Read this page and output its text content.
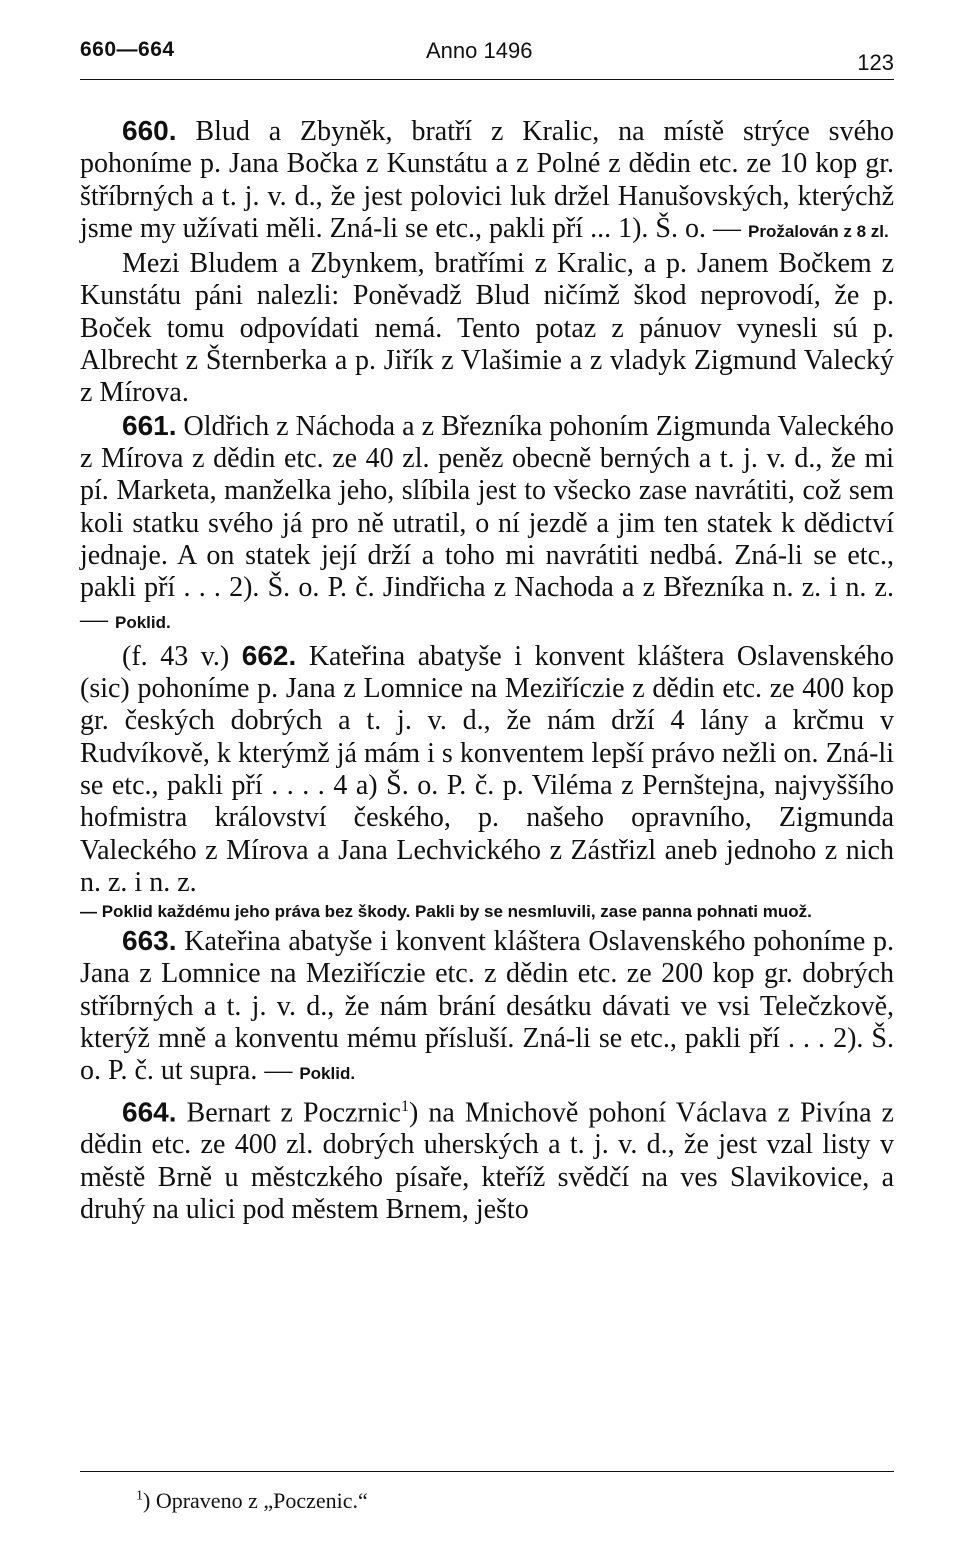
660—664	Anno 1496	123

660. Blud a Zbyněk, bratří z Kralic, na místě strýce svého pohoníme p. Jana Bočka z Kunstátu a z Polné z dědin etc. ze 10 kop gr. štříbrných a t. j. v. d., že jest polovici luk držel Hanušovských, kterýchž jsme my užívati měli. Zná-li se etc., pakli pří ... 1). Š. o. — Prožalován z 8 zl.

Mezi Bludem a Zbynkem, bratřími z Kralic, a p. Janem Bočkem z Kunstátu páni nalezli: Poněvadž Blud ničímž škod neprovodí, že p. Boček tomu odpovídati nemá. Tento potaz z pánuov vynesli sú p. Albrecht z Šternberka a p. Jiřík z Vlašimie a z vladyk Zigmund Valecký z Mírova.

661. Oldřich z Náchoda a z Březníka pohoním Zigmunda Valeckého z Mírova z dědin etc. ze 40 zl. peněz obecně berných a t. j. v. d., že mi pí. Marketa, manželka jeho, slíbila jest to všecko zase navrátiti, což sem koli statku svého já pro ně utratil, o ní jezdě a jim ten statek k dědictví jednaje. A on statek její drží a toho mi navrátiti nedbá. Zná-li se etc., pakli pří . . . 2). Š. o. P. č. Jindřicha z Nachoda a z Březníka n. z. i n. z. — Poklid.

(f. 43 v.) 662. Kateřina abatyše i konvent kláštera Oslavenského (sic) pohoníme p. Jana z Lomnice na Meziříczie z dědin etc. ze 400 kop gr. českých dobrých a t. j. v. d., že nám drží 4 lány a krčmu v Rudvíkově, k kterýmž já mám i s konventem lepší právo nežli on. Zná-li se etc., pakli pří . . . . 4 a) Š. o. P. č. p. Viléma z Pernštejna, najvyššího hofmistra království českého, p. našeho opravního, Zigmunda Valeckého z Mírova a Jana Lechvického z Zástřizl aneb jednoho z nich n. z. i n. z.

— Poklid každému jeho práva bez škody. Pakli by se nesmluvili, zase panna pohnati muož.

663. Kateřina abatyše i konvent kláštera Oslavenského pohoníme p. Jana z Lomnice na Meziříczie etc. z dědin etc. ze 200 kop gr. dobrých stříbrných a t. j. v. d., že nám brání desátku dávati ve vsi Telečzkově, kterýž mně a konventu mému přísluší. Zná-li se etc., pakli pří . . . 2). Š. o. P. č. ut supra. — Poklid.

664. Bernart z Poczrnic$^1$) na Mnichově pohoní Václava z Pivína z dědin etc. ze 400 zl. dobrých uherských a t. j. v. d., že jest vzal listy v městě Brně u městczkého písaře, kteříž svědčí na ves Slavikovice, a druhý na ulici pod městem Brnem, ješto

$^1$) Opraveno z „Poczenic.“
